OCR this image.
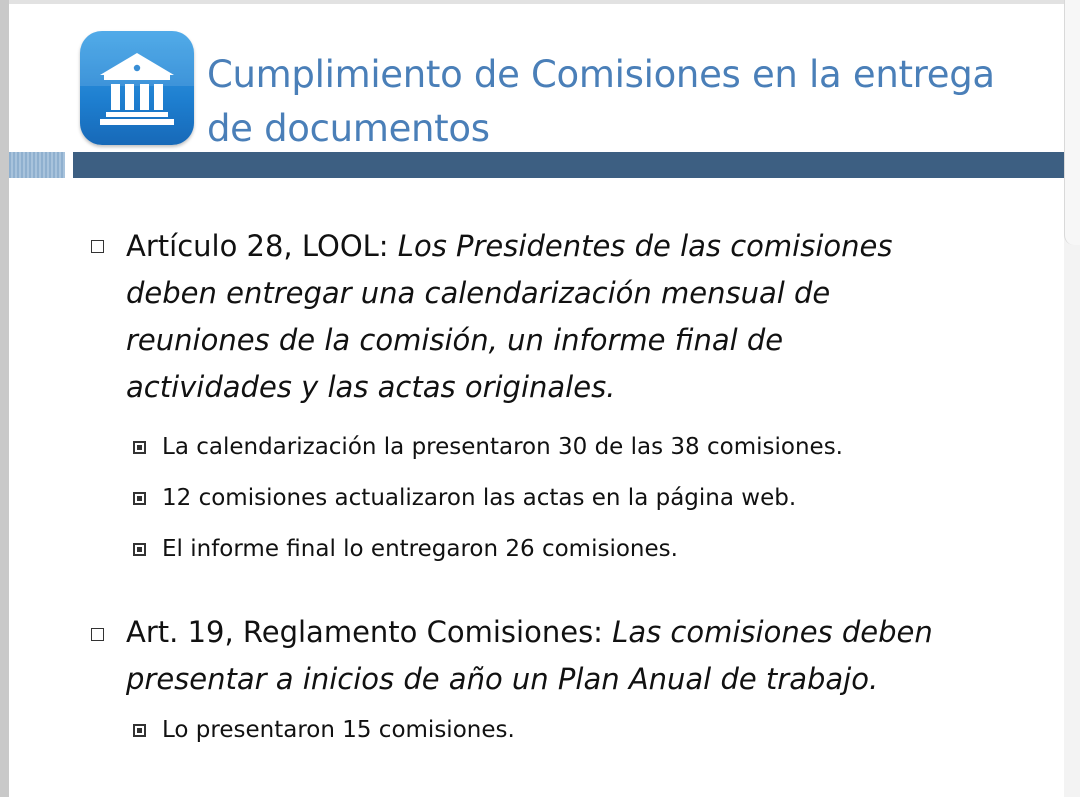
Cumplimiento de Comisiones en la entrega
de documentos
Artículo 28, LOOL: Los Presidentes de las comisiones
deben entregar una calendarización mensual de
reuniones de la comisión, un informe final de
actividades y las actas originales.
La calendarización la presentaron 30 de las 38 comisiones.
12 comisiones actualizaron las actas en la página web.
El informe final lo entregaron 26 comisiones.
Art. 19, Reglamento Comisiones: Las comisiones deben
presentar a inicios de año un Plan Anual de trabajo.
Lo presentaron 15 comisiones.
